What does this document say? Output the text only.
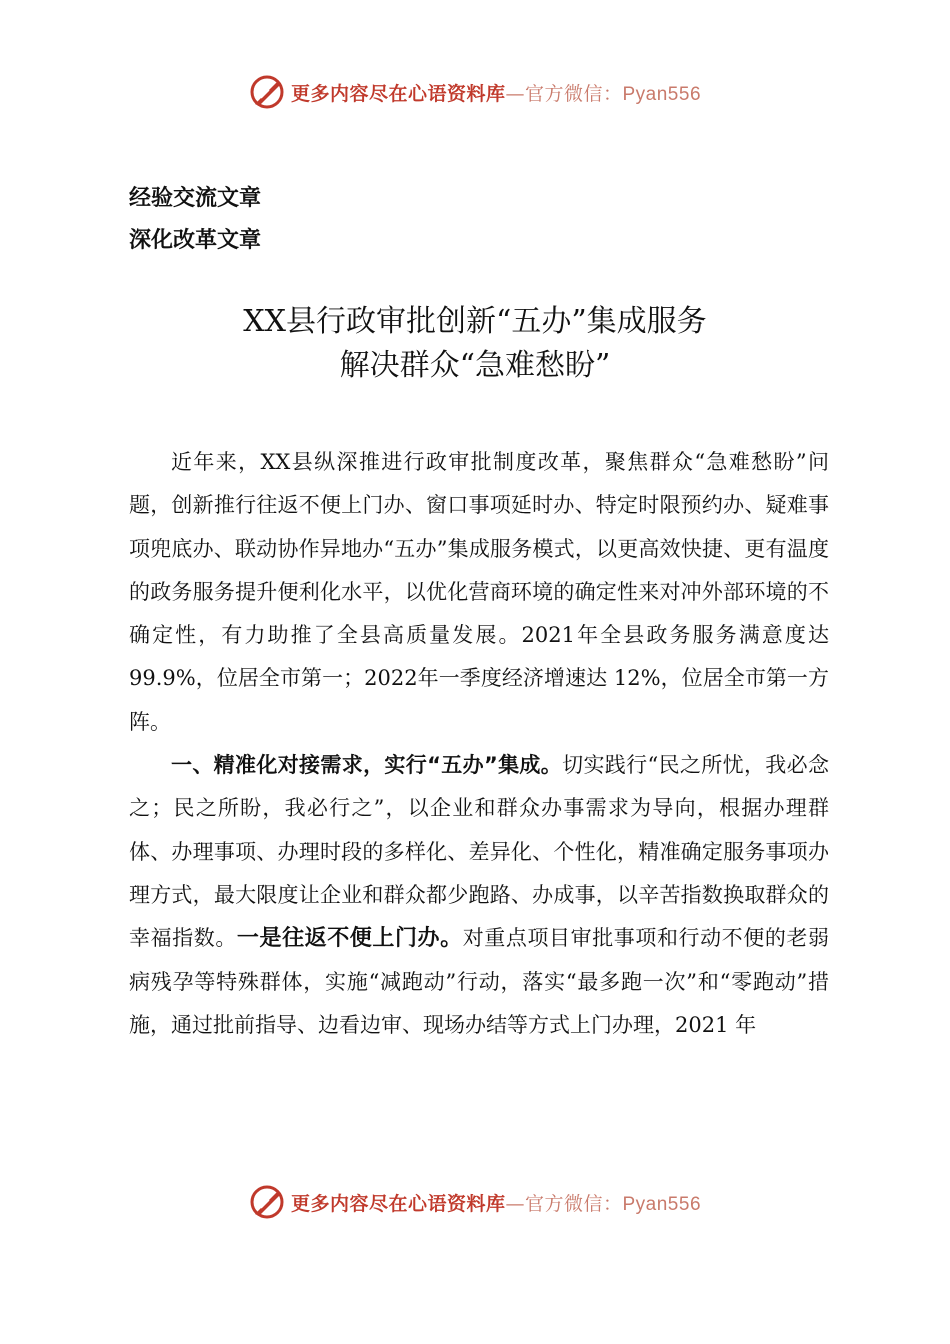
更多内容尽在心语资料库—官方微信：Pyan556
经验交流文章
深化改革文章
XX县行政审批创新“五办”集成服务
解决群众“急难愁盼”

近年来，XX县纵深推进行政审批制度改革，聚焦群众“急难愁盼”问题，创新推行往返不便上门办、窗口事项延时办、特定时限预约办、疑难事项兜底办、联动协作异地办“五办”集成服务模式，以更高效快捷、更有温度的政务服务提升便利化水平，以优化营商环境的确定性来对冲外部环境的不确定性，有力助推了全县高质量发展。2021年全县政务服务满意度达 99.9%，位居全市第一；2022年一季度经济增速达 12%，位居全市第一方阵。

一、精准化对接需求，实行“五办”集成。切实践行“民之所忧，我必念之；民之所盼，我必行之”，以企业和群众办事需求为导向，根据办理群体、办理事项、办理时段的多样化、差异化、个性化，精准确定服务事项办理方式，最大限度让企业和群众都少跑路、办成事，以辛苦指数换取群众的幸福指数。一是往返不便上门办。对重点项目审批事项和行动不便的老弱病残孕等特殊群体，实施“减跑动”行动，落实“最多跑一次”和“零跑动”措施，通过批前指导、边看边审、现场办结等方式上门办理，2021 年

更多内容尽在心语资料库—官方微信：Pyan556
